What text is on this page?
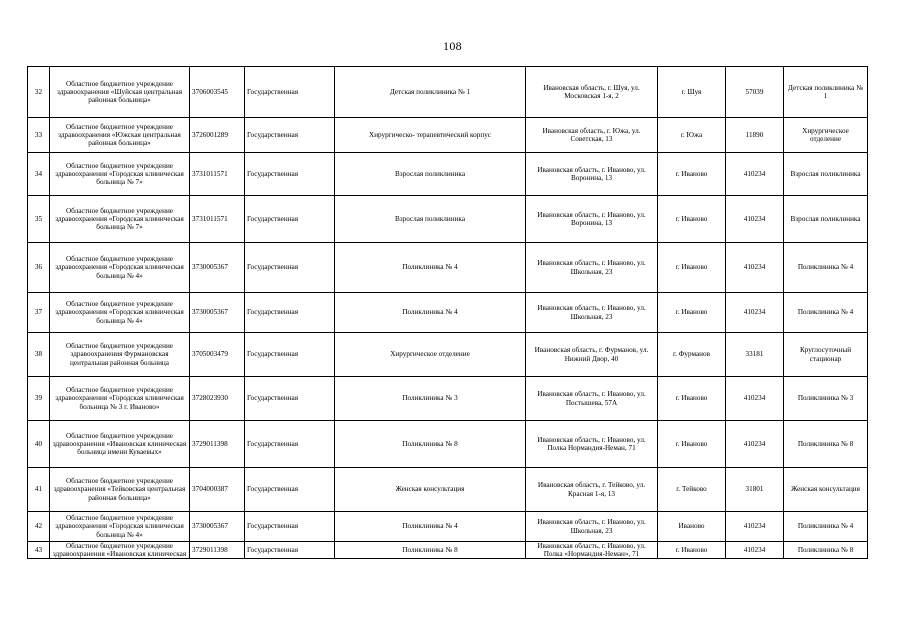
108
32	Областное бюджетное учреждение здравоохранения «Шуйская центральная районная больница»	3706003545	Государственная	Детская поликлиника № 1	Ивановская область, г. Шуя, ул. Московская 1-я, 2	г. Шуя	57039	Детская поликлиника № 1
33	Областное бюджетное учреждение здравоохранения «Южская центральная районная больница»	3726001289	Государственная	Хирургическо- терапевтический корпус	Ивановская область, г. Южа, ул. Советская, 13	г. Южа	11890	Хирургическое отделение
34	Областное бюджетное учреждение здравоохранения «Городская клиническая больница № 7»	3731011571	Государственная	Взрослая поликлиника	Ивановская область, г. Иваново, ул. Воронина, 13	г. Иваново	410234	Взрослая поликлиника
35	Областное бюджетное учреждение здравоохранения «Городская клиническая больница № 7»	3731011571	Государственная	Взрослая поликлиника	Ивановская область, г. Иваново, ул. Воронина, 13	г. Иваново	410234	Взрослая поликлиника
36	Областное бюджетное учреждение здравоохранения «Городская клиническая больница № 4»	3730005367	Государственная	Поликлиника № 4	Ивановская область, г. Иваново, ул. Школьная, 23	г. Иваново	410234	Поликлиника № 4
37	Областное бюджетное учреждение здравоохранения «Городская клиническая больница № 4»	3730005367	Государственная	Поликлиника № 4	Ивановская область, г. Иваново, ул. Школьная, 23	г. Иваново	410234	Поликлиника № 4
38	Областное бюджетное учреждение здравоохранения Фурмановская центральная районная больница	3705003479	Государственная	Хирургическое отделение	Ивановская область, г. Фурманов, ул. Нижний Двор, 40	г. Фурманов	33181	Круглосуточный стационар
39	Областное бюджетное учреждение здравоохранения «Городская клиническая больница № 3 г. Иваново»	3728023930	Государственная	Поликлиника № 3	Ивановская область, г. Иваново, ул. Постышева, 57А	г. Иваново	410234	Поликлиника № 3
40	Областное бюджетное учреждение здравоохранения «Ивановская клиническая больница имени Куваевых»	3729011398	Государственная	Поликлиника № 8	Ивановская область, г. Иваново, ул. Полка Нормандия-Неман, 71	г. Иваново	410234	Поликлиника № 8
41	Областное бюджетное учреждение здравоохранения «Тейковская центральная районная больница»	3704000387	Государственная	Женская консультация	Ивановская область, г. Тейково, ул. Красная 1-я, 13	г. Тейково	31801	Женская консультация
42	Областное бюджетное учреждение здравоохранения «Городская клиническая больница № 4»	3730005367	Государственная	Поликлиника № 4	Ивановская область, г. Иваново, ул. Школьная, 23	Иваново	410234	Поликлиника № 4
43	Областное бюджетное учреждение здравоохранения «Ивановская клиническая	3729011398	Государственная	Поликлиника № 8	Ивановская область, г. Иваново, ул. Полка «Нормандия-Неман», 71	г. Иваново	410234	Поликлиника № 8
